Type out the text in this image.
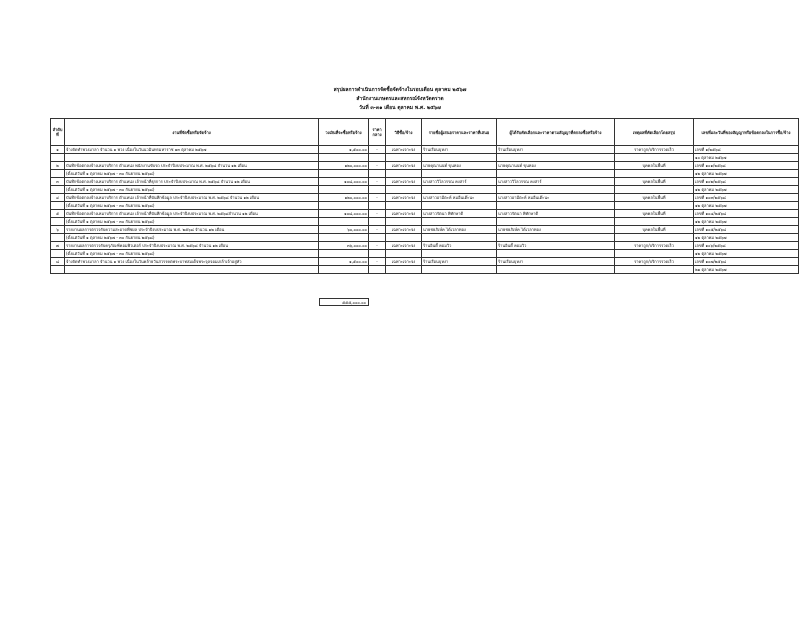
สรุปผลการดำเนินการจัดซื้อจัดจ้างในรอบเดือน ตุลาคม ๒๕๖๗
สำนักงานเกษตรและสหกรณ์จังหวัดตราด
วันที่ ๓-๓๑ เดือน ตุลาคม พ.ศ. ๒๕๖๗
ลำดับที่	งานที่จัดซื้อหรือจัดจ้าง	วงเงินที่จะซื้อหรือจ้าง	ราคากลาง	วิธีซื้อ/จ้าง	รายชื่อผู้เสนอราคาและราคาที่เสนอ	ผู้ได้รับคัดเลือกและราคาตามสัญญาที่ตกลงซื้อหรือจ้าง	เหตุผลที่คัดเลือกโดยสรุป	เลขที่และวันที่ของสัญญาหรือข้อตกลงในการซื้อ/จ้าง
๑	จ้างจัดทำพวงมาลา จำนวน ๑ พวง เนื่องในวันนวมินทรมหาราช ๑๓ ตุลาคม ๒๕๖๗	๑,๕๐๐.๐๐	-	เฉพาะเจาะจง	ร้านเรือนบุหงา	ร้านเรือนบุหงา	ราคาถูก/บริการรวดเร็ว	เลขที่ ๑/๒๕๖๘
								๑๐ ตุลาคม ๒๕๖๗
๒	บันทึกข้อตกลงจ้างเหมาบริการ ตำแหน่ง พนักงานขับรถ ประจำปีงบประมาณ พ.ศ. ๒๕๖๘ จำนวน ๑๒ เดือน	๑๒๐,๐๐๐.๐๐	-	เฉพาะเจาะจง	นายคุณานนท์ ขุนทอง	นายคุณานนท์ ขุนทอง	บุคคลในพื้นที่	เลขที่ ๑๐๑/๒๕๖๘
	(ตั้งแต่วันที่ ๑ ตุลาคม ๒๕๖๗ - ๓๐ กันยายน ๒๕๖๘)							๑๒ ตุลาคม ๒๕๖๗
๓	บันทึกข้อตกลงจ้างเหมาบริการ ตำแหน่ง เจ้าหน้าที่ธุรการ ประจำปีงบประมาณ พ.ศ. ๒๕๖๘ จำนวน ๑๒ เดือน	๑๐๘,๐๐๐.๐๐	-	เฉพาะเจาะจง	นางสาววิไลวรรณ คงสาร์	นางสาววิไลวรรณ คงสาร์	บุคคลในพื้นที่	เลขที่ ๑๐๒/๒๕๖๘
	(ตั้งแต่วันที่ ๑ ตุลาคม ๒๕๖๗ - ๓๐ กันยายน ๒๕๖๘)							๑๒ ตุลาคม ๒๕๖๗
๔	บันทึกข้อตกลงจ้างเหมาบริการ ตำแหน่ง เจ้าหน้าที่บันทึกข้อมูล ประจำปีงบประมาณ พ.ศ. ๒๕๖๘ จำนวน ๑๒ เดือน	๑๒๐,๐๐๐.๐๐	-	เฉพาะเจาะจง	นางสาวอามีตะห์ หมอีนเต๊ะนะ	นางสาวอามีตะห์ หมอีนเต๊ะนะ	บุคคลในพื้นที่	เลขที่ ๑๐๓/๒๕๖๘
	(ตั้งแต่วันที่ ๑ ตุลาคม ๒๕๖๗ - ๓๐ กันยายน ๒๕๖๘)							๑๒ ตุลาคม ๒๕๖๗
๕	บันทึกข้อตกลงจ้างเหมาบริการ ตำแหน่ง เจ้าหน้าที่บันทึกข้อมูล ประจำปีงบประมาณ พ.ศ. ๒๕๖๘จำนวน ๑๒ เดือน	๑๐๘,๐๐๐.๐๐	-	เฉพาะเจาะจง	นางสาวรัตนา พิทักษาดี	นางสาวรัตนา พิทักษาดี	บุคคลในพื้นที่	เลขที่ ๑๐๔/๒๕๖๘
	(ตั้งแต่วันที่ ๑ ตุลาคม ๒๕๖๗ - ๓๐ กันยายน ๒๕๖๘)							๑๒ ตุลาคม ๒๕๖๗
๖	รายงานผลการตรวจรับความสะอาดพืชผล ประจำปีงบประมาณ พ.ศ. ๒๕๖๘ จำนวน ๑๒ เดือน	๖๐,๐๐๐.๐๐	-	เฉพาะเจาะจง	นายชยภิเษ์ค ได้เวลาทอง	นายชยภิเษ์ค ได้เวลาทอง	บุคคลในพื้นที่	เลขที่ ๑๐๕/๒๕๖๘
	(ตั้งแต่วันที่ ๑ ตุลาคม ๒๕๖๗ - ๓๐ กันยายน ๒๕๖๘)							๑๒ ตุลาคม ๒๕๖๗
๗	รายงานผลการตรวจรับครุภัณฑ์คอมพิวเตอร์ ประจำปีงบประมาณ พ.ศ. ๒๕๖๘ จำนวน ๑๒ เดือน	๓๖,๐๐๐.๐๐	-	เฉพาะเจาะจง	ร้านอินดี้ คอมวิว	ร้านอินดี้ คอมวิว	ราคาถูก/บริการรวดเร็ว	เลขที่ ๑๐๖/๒๕๖๘
	(ตั้งแต่วันที่ ๑ ตุลาคม ๒๕๖๗ - ๓๐ กันยายน ๒๕๖๘)							๑๒ ตุลาคม ๒๕๖๗
๘	จ้างจัดทำพวงมาลา จำนวน ๑ พวง เนื่องในวันคล้ายวันสวรรคตพระบาทสมเด็จพระจุลจอมเกล้าเจ้าอยู่หัว	๑,๕๐๐.๐๐	-	เฉพาะเจาะจง	ร้านเรือนบุหงา	ร้านเรือนบุหงา	ราคาถูก/บริการรวดเร็ว	เลขที่ ๑๐๗/๒๕๖๘
								๒๑ ตุลาคม ๒๕๖๗
๕๕๕,๐๐๐.๐๐
